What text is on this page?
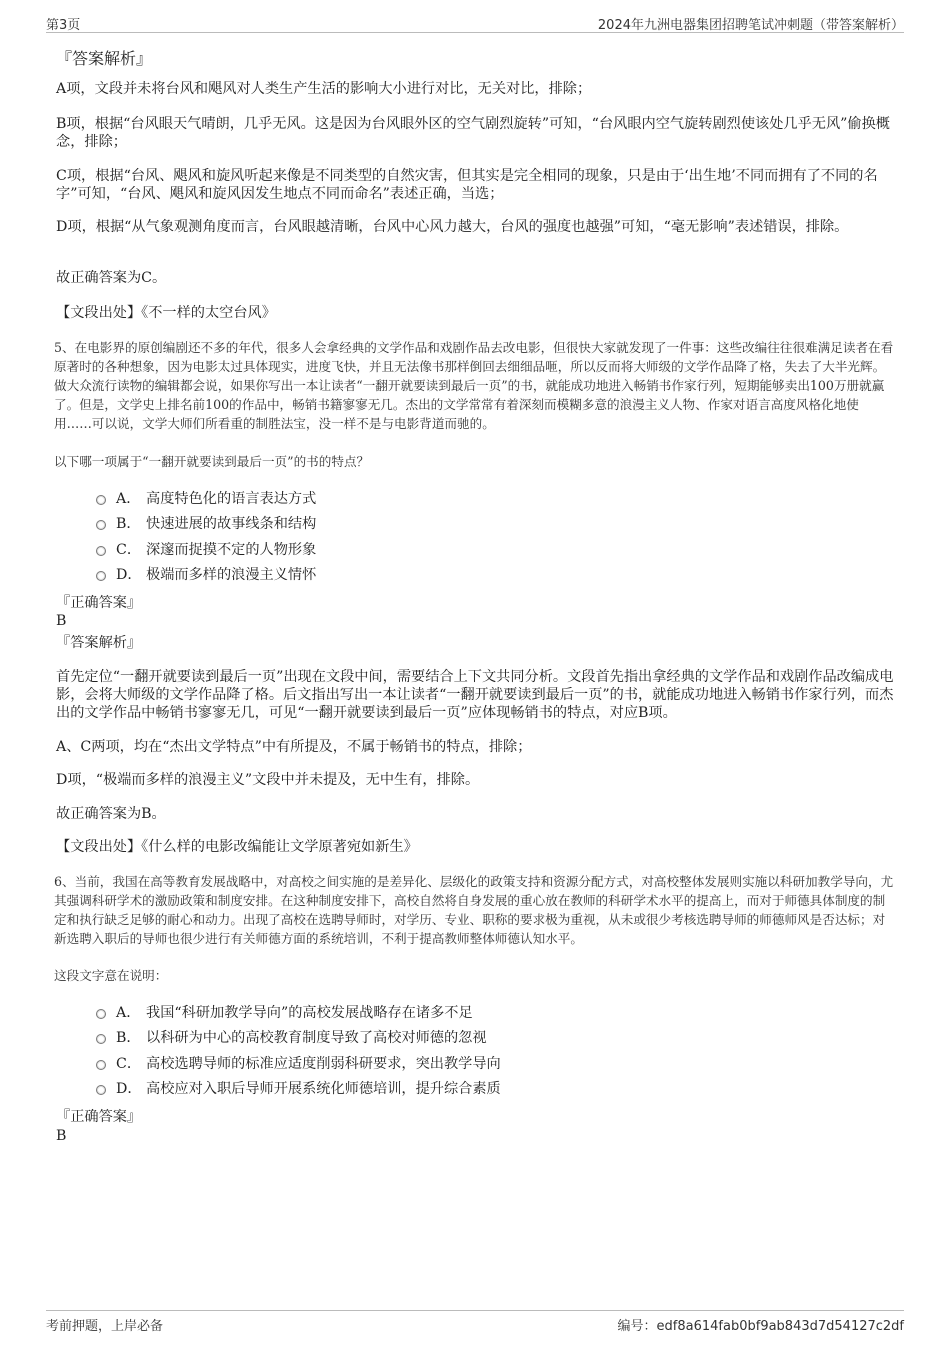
第3页	2024年九洲电器集团招聘笔试冲刺题（带答案解析）
『答案解析』

A项，文段并未将台风和飓风对人类生产生活的影响大小进行对比，无关对比，排除；

B项，根据“台风眼天气晴朗，几乎无风。这是因为台风眼外区的空气剧烈旋转”可知，“台风眼内空气旋转剧烈使该处几乎无风”偷换概念，排除；

C项，根据“台风、飓风和旋风听起来像是不同类型的自然灾害，但其实是完全相同的现象，只是由于‘出生地’不同而拥有了不同的名字”可知，“台风、飓风和旋风因发生地点不同而命名”表述正确，当选；

D项，根据“从气象观测角度而言，台风眼越清晰，台风中心风力越大，台风的强度也越强”可知，“毫无影响”表述错误，排除。

故正确答案为C。

【文段出处】《不一样的太空台风》

5、在电影界的原创编剧还不多的年代，很多人会拿经典的文学作品和戏剧作品去改电影，但很快大家就发现了一件事：这些改编往往很难满足读者在看原著时的各种想象，因为电影太过具体现实，进度飞快，并且无法像书那样倒回去细细品咂，所以反而将大师级的文学作品降了格，失去了大半光辉。做大众流行读物的编辑都会说，如果你写出一本让读者“一翻开就要读到最后一页”的书，就能成功地进入畅销书作家行列，短期能够卖出100万册就赢了。但是，文学史上排名前100的作品中，畅销书籍寥寥无几。杰出的文学常常有着深刻而模糊多意的浪漫主义人物、作家对语言高度风格化地使用……可以说，文学大师们所看重的制胜法宝，没一样不是与电影背道而驰的。
以下哪一项属于“一翻开就要读到最后一页”的书的特点？
A． 高度特色化的语言表达方式
B． 快速进展的故事线条和结构
C． 深邃而捉摸不定的人物形象
D． 极端而多样的浪漫主义情怀
『正确答案』
B
『答案解析』

首先定位“一翻开就要读到最后一页”出现在文段中间，需要结合上下文共同分析。文段首先指出拿经典的文学作品和戏剧作品改编成电影，会将大师级的文学作品降了格。后文指出写出一本让读者“一翻开就要读到最后一页”的书，就能成功地进入畅销书作家行列，而杰出的文学作品中畅销书寥寥无几，可见“一翻开就要读到最后一页”应体现畅销书的特点，对应B项。

A、C两项，均在“杰出文学特点”中有所提及，不属于畅销书的特点，排除；

D项，“极端而多样的浪漫主义”文段中并未提及，无中生有，排除。

故正确答案为B。

【文段出处】《什么样的电影改编能让文学原著宛如新生》

6、当前，我国在高等教育发展战略中，对高校之间实施的是差异化、层级化的政策支持和资源分配方式，对高校整体发展则实施以科研加教学导向，尤其强调科研学术的激励政策和制度安排。在这种制度安排下，高校自然将自身发展的重心放在教师的科研学术水平的提高上，而对于师德具体制度的制定和执行缺乏足够的耐心和动力。出现了高校在选聘导师时，对学历、专业、职称的要求极为重视，从未或很少考核选聘导师的师德师风是否达标；对新选聘入职后的导师也很少进行有关师德方面的系统培训，不利于提高教师整体师德认知水平。
这段文字意在说明：
A． 我国“科研加教学导向”的高校发展战略存在诸多不足
B． 以科研为中心的高校教育制度导致了高校对师德的忽视
C． 高校选聘导师的标准应适度削弱科研要求，突出教学导向
D． 高校应对入职后导师开展系统化师德培训，提升综合素质
『正确答案』
B
考前押题，上岸必备	编号：edf8a614fab0bf9ab843d7d54127c2df
